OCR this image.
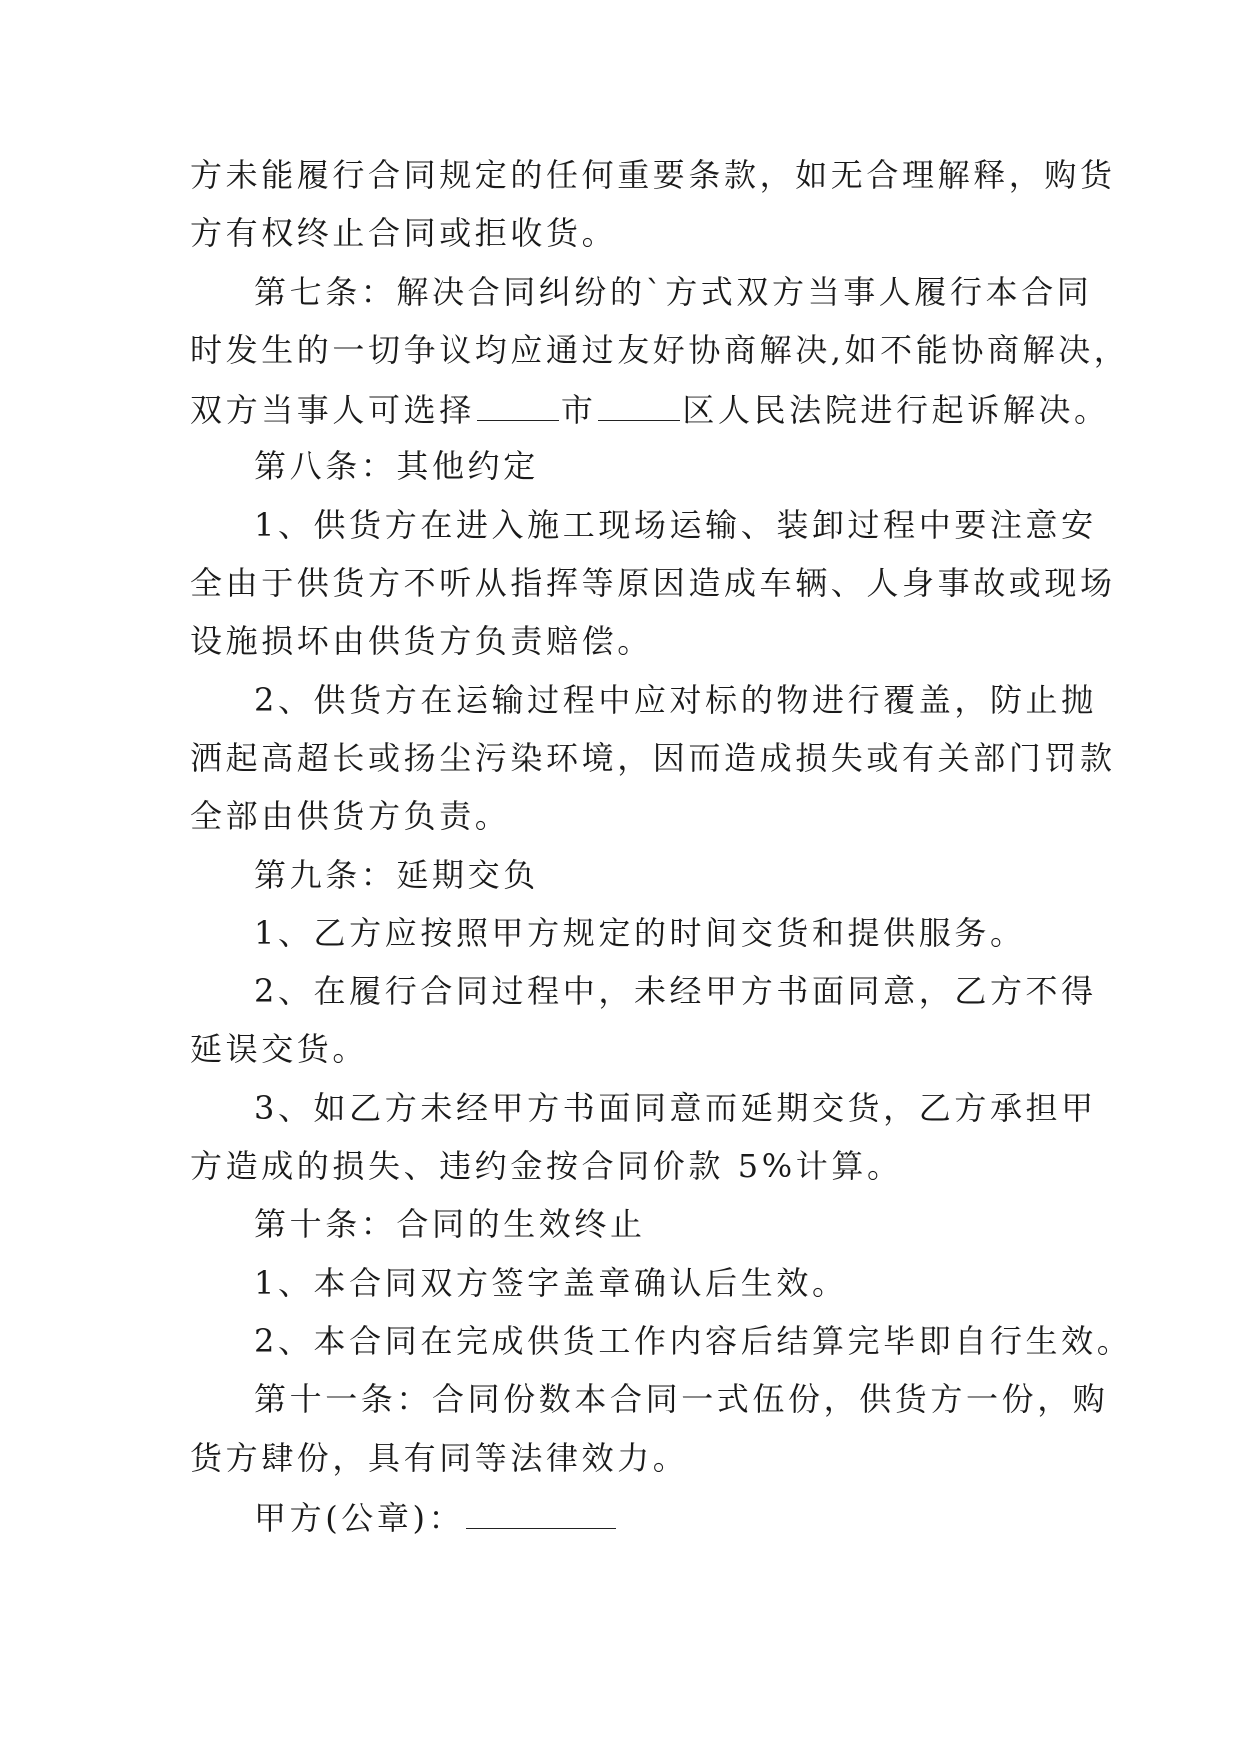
方未能履行合同规定的任何重要条款，如无合理解释，购货
方有权终止合同或拒收货。
第七条：解决合同纠纷的`方式双方当事人履行本合同
时发生的一切争议均应通过友好协商解决,如不能协商解决，
双方当事人可选择	市	区人民法院进行起诉解决。
第八条：其他约定
1、供货方在进入施工现场运输、装卸过程中要注意安
全由于供货方不听从指挥等原因造成车辆、人身事故或现场
设施损坏由供货方负责赔偿。
2、供货方在运输过程中应对标的物进行覆盖，防止抛
洒起高超长或扬尘污染环境，因而造成损失或有关部门罚款
全部由供货方负责。
第九条：延期交负
1、乙方应按照甲方规定的时间交货和提供服务。
2、在履行合同过程中，未经甲方书面同意，乙方不得
延误交货。
3、如乙方未经甲方书面同意而延期交货，乙方承担甲
方造成的损失、违约金按合同价款 5%计算。
第十条：合同的生效终止
1、本合同双方签字盖章确认后生效。
2、本合同在完成供货工作内容后结算完毕即自行生效。
第十一条：合同份数本合同一式伍份，供货方一份，购
货方肆份，具有同等法律效力。
甲方(公章)：
